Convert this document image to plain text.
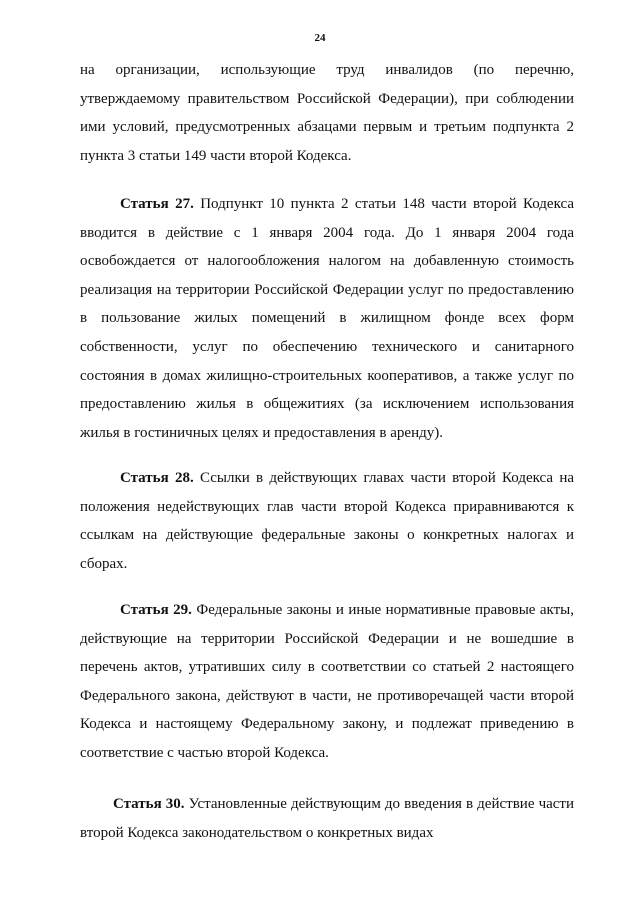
24
на организации, использующие труд инвалидов (по перечню, утверждаемому правительством Российской Федерации), при соблюдении ими условий, предусмотренных абзацами первым и третьим подпункта 2 пункта 3 статьи 149 части второй Кодекса.
Статья 27. Подпункт 10 пункта 2 статьи 148 части второй Кодекса вводится в действие с 1 января 2004 года. До 1 января 2004 года освобождается от налогообложения налогом на добавленную стоимость реализация на территории Российской Федерации услуг по предоставлению в пользование жилых помещений в жилищном фонде всех форм собственности, услуг по обеспечению технического и санитарного состояния в домах жилищно-строительных кооперативов, а также услуг по предоставлению жилья в общежитиях (за исключением использования жилья в гостиничных целях и предоставления в аренду).
Статья 28. Ссылки в действующих главах части второй Кодекса на положения недействующих глав части второй Кодекса приравниваются к ссылкам на действующие федеральные законы о конкретных налогах и сборах.
Статья 29. Федеральные законы и иные нормативные правовые акты, действующие на территории Российской Федерации и не вошедшие в перечень актов, утративших силу в соответствии со статьей 2 настоящего Федерального закона, действуют в части, не противоречащей части второй Кодекса и настоящему Федеральному закону, и подлежат приведению в соответствие с частью второй Кодекса.
Статья 30. Установленные действующим до введения в действие части второй Кодекса законодательством о конкретных видах
